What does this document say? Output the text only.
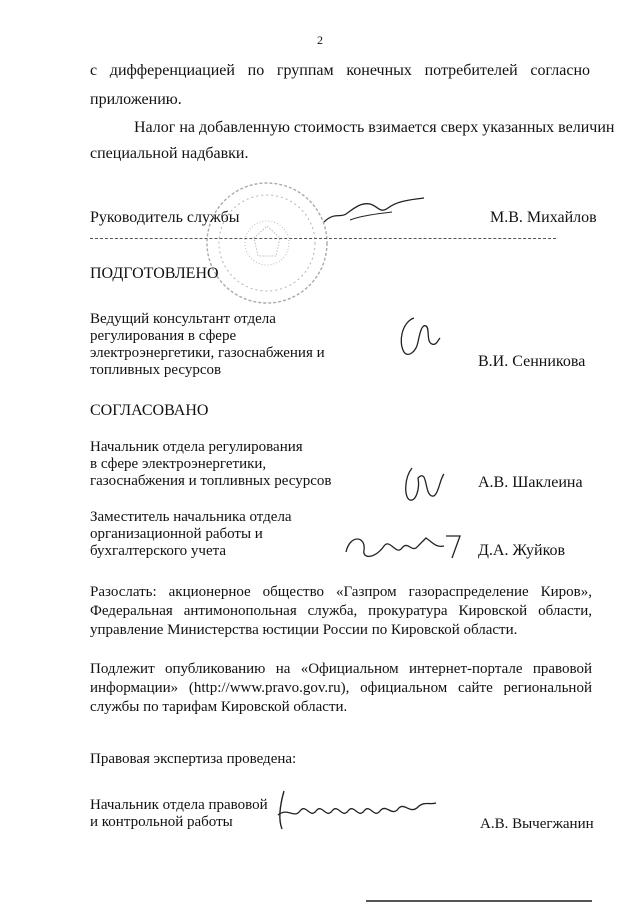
2
с дифференциацией по группам конечных потребителей согласно
приложению.
Налог на добавленную стоимость взимается сверх указанных величин
специальной надбавки.
Руководитель службы	М.В. Михайлов
ПОДГОТОВЛЕНО
Ведущий консультант отдела
регулирования в сфере
электроэнергетики, газоснабжения и
топливных ресурсов	В.И. Сенникова
СОГЛАСОВАНО
Начальник отдела регулирования
в сфере электроэнергетики,
газоснабжения и топливных ресурсов	А.В. Шаклеина
Заместитель начальника отдела
организационной работы и
бухгалтерского учета	Д.А. Жуйков
Разослать: акционерное общество «Газпром газораспределение Киров»,
Федеральная антимонопольная служба, прокуратура Кировской области,
управление Министерства юстиции России по Кировской области.
Подлежит опубликованию на «Официальном интернет-портале правовой
информации» (http://www.pravo.gov.ru), официальном сайте региональной
службы по тарифам Кировской области.
Правовая экспертиза проведена:
Начальник отдела правовой
и контрольной работы	А.В. Вычегжанин
